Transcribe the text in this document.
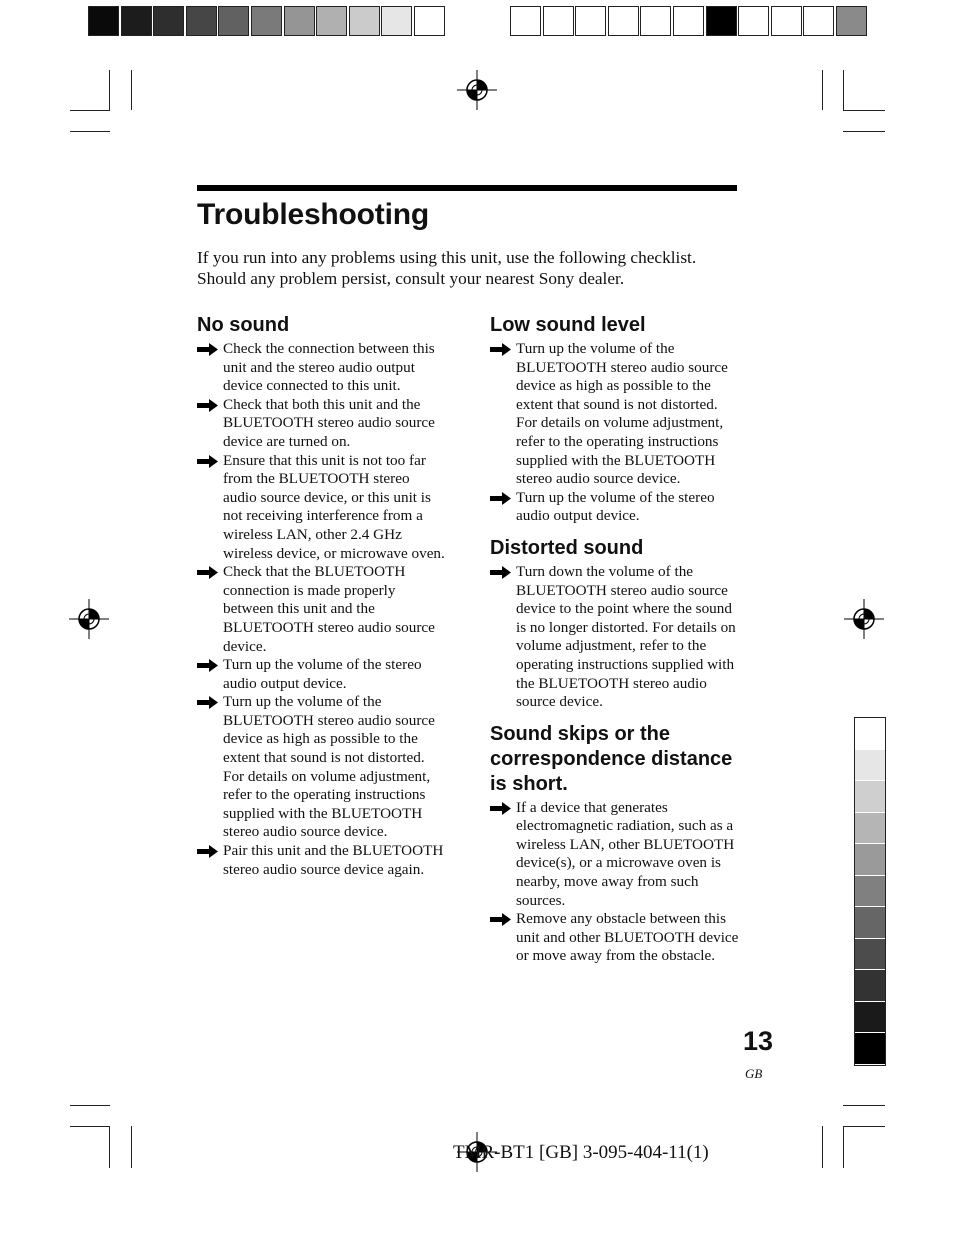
Troubleshooting
If you run into any problems using this unit, use the following checklist.
Should any problem persist, consult your nearest Sony dealer.
No sound
Check the connection between this unit and the stereo audio output device connected to this unit.
Check that both this unit and the BLUETOOTH stereo audio source device are turned on.
Ensure that this unit is not too far from the BLUETOOTH stereo audio source device, or this unit is not receiving interference from a wireless LAN, other 2.4 GHz wireless device, or microwave oven.
Check that the BLUETOOTH connection is made properly between this unit and the BLUETOOTH stereo audio source device.
Turn up the volume of the stereo audio output device.
Turn up the volume of the BLUETOOTH stereo audio source device as high as possible to the extent that sound is not distorted. For details on volume adjustment, refer to the operating instructions supplied with the BLUETOOTH stereo audio source device.
Pair this unit and the BLUETOOTH stereo audio source device again.
Low sound level
Turn up the volume of the BLUETOOTH stereo audio source device as high as possible to the extent that sound is not distorted. For details on volume adjustment, refer to the operating instructions supplied with the BLUETOOTH stereo audio source device.
Turn up the volume of the stereo audio output device.
Distorted sound
Turn down the volume of the BLUETOOTH stereo audio source device to the point where the sound is no longer distorted. For details on volume adjustment, refer to the operating instructions supplied with the BLUETOOTH stereo audio source device.
Sound skips or the correspondence distance is short.
If a device that generates electromagnetic radiation, such as a wireless LAN, other BLUETOOTH device(s), or a microwave oven is nearby, move away from such sources.
Remove any obstacle between this unit and other BLUETOOTH device or move away from the obstacle.
13
GB
TMR-BT1 [GB] 3-095-404-11(1)
